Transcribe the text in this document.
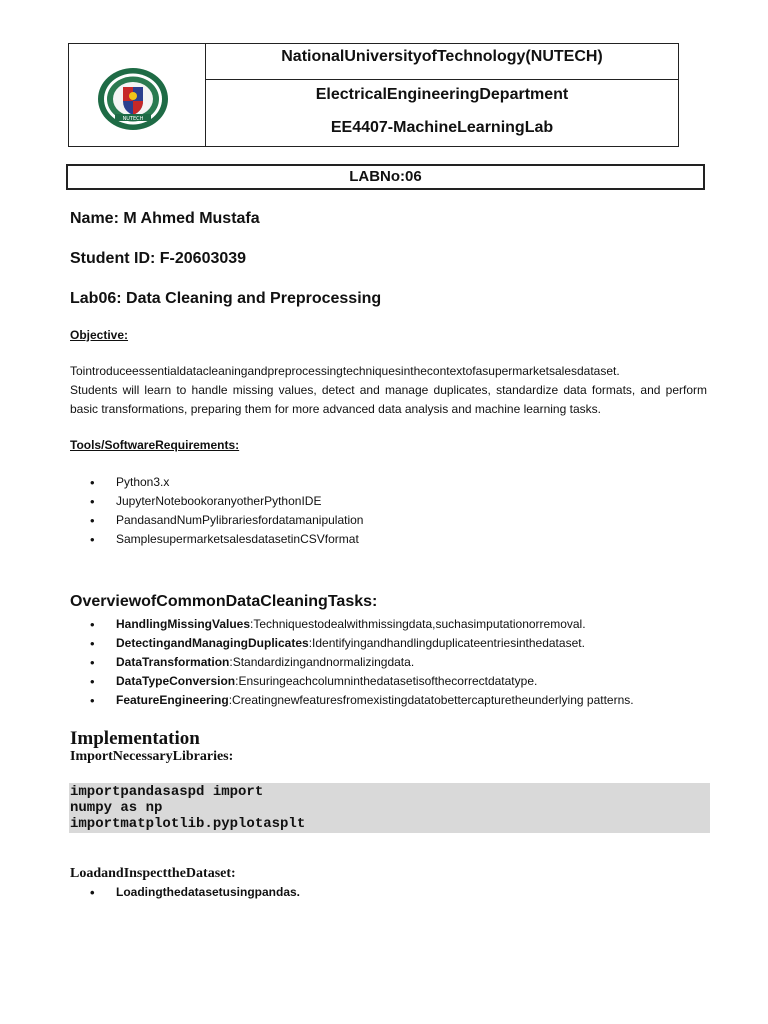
NUTECH
NationalUniversityofTechnology(NUTECH)
ElectricalEngineeringDepartment
EE4407-MachineLearningLab
LABNo:06
Name: M Ahmed Mustafa
Student ID: F-20603039
Lab06: Data Cleaning and Preprocessing
Objective:
Tointroduceessentialdatacleaningandpreprocessingtechniquesinthecontextofasupermarketsalesdataset.
Students will learn to handle missing values, detect and manage duplicates, standardize data formats, and perform basic transformations, preparing them for more advanced data analysis and machine learning tasks.
Tools/SoftwareRequirements:
• Python3.x
• JupyterNotebookoranyotherPythonIDE
• PandasandNumPylibrariesfordatamanipulation
• SamplesupermarketsalesdatasetinCSVformat
OverviewofCommonDataCleaningTasks:
• HandlingMissingValues:Techniquestodealwithmissingdata,suchasimputationorremoval.
• DetectingandManagingDuplicates:Identifyingandhandlingduplicateentriesinthedataset.
• DataTransformation:Standardizingandnormalizingdata.
• DataTypeConversion:Ensuringeachcolumninthedatasetisofthecorrectdatatype.
• FeatureEngineering:Creatingnewfeaturesfromexistingdatatobettercapturetheunderlying patterns.
Implementation
ImportNecessaryLibraries:
importpandasaspd import
numpy as np
importmatplotlib.pyplotasplt
LoadandInspecttheDataset:
• Loadingthedatasetusingpandas.
